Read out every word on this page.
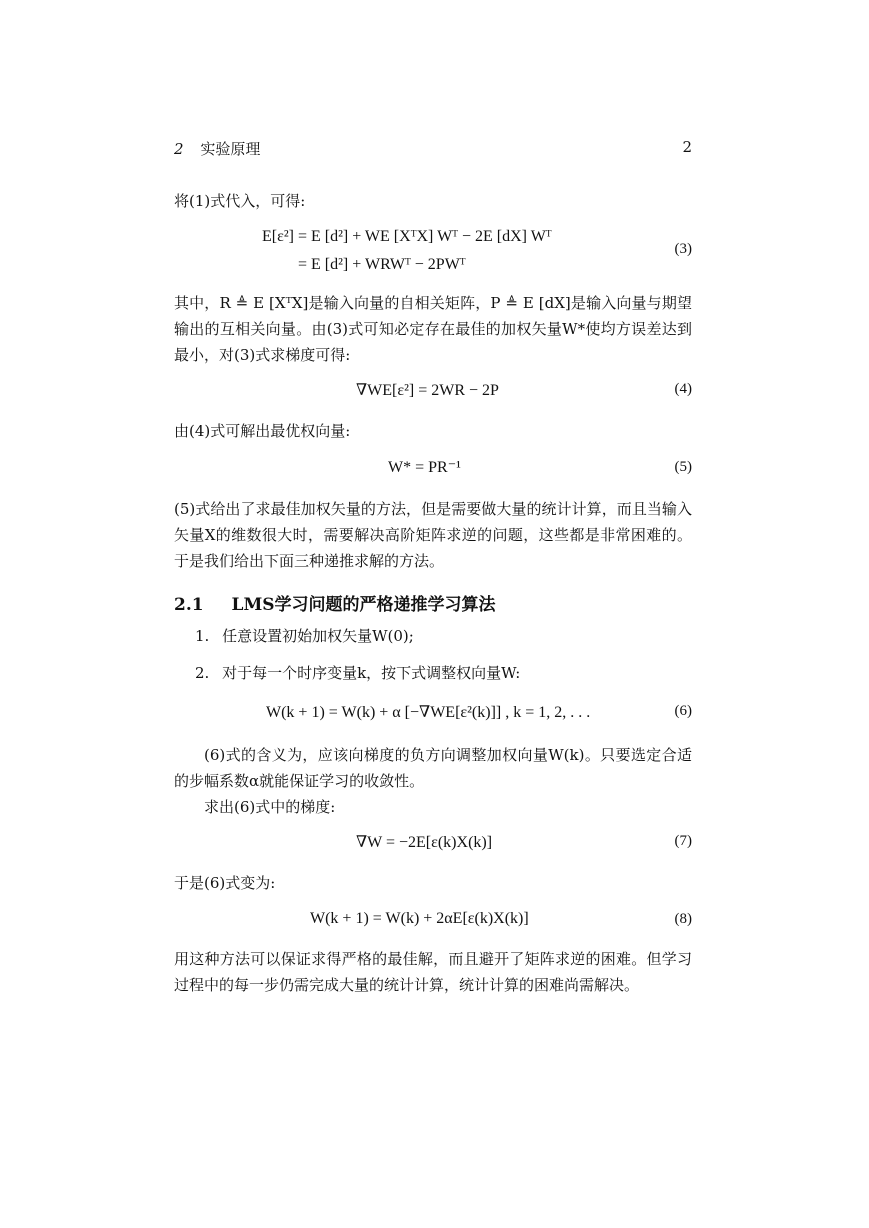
2 实验原理	2
将(1)式代入，可得:
E[ε²] = E [d²] + WE [XᵀX] Wᵀ − 2E [dX] Wᵀ
= E [d²] + WRWᵀ − 2PWᵀ
(3)
其中，R ≜ E [XᵀX]是输入向量的自相关矩阵，P ≜ E [dX]是输入向量与期望输出的互相关向量。由(3)式可知必定存在最佳的加权矢量W*使均方误差达到最小，对(3)式求梯度可得:
∇WE[ε²] = 2WR − 2P	(4)
由(4)式可解出最优权向量:
W* = PR⁻¹	(5)
(5)式给出了求最佳加权矢量的方法，但是需要做大量的统计计算，而且当输入矢量X的维数很大时，需要解决高阶矩阵求逆的问题，这些都是非常困难的。于是我们给出下面三种递推求解的方法。
2.1 LMS学习问题的严格递推学习算法
1. 任意设置初始加权矢量W(0);
2. 对于每一个时序变量k，按下式调整权向量W:
W(k + 1) = W(k) + α [−∇WE[ε²(k)]] , k = 1, 2, . . .	(6)
(6)式的含义为，应该向梯度的负方向调整加权向量W(k)。只要选定合适的步幅系数α就能保证学习的收敛性。
求出(6)式中的梯度:
∇W = −2E[ε(k)X(k)]	(7)
于是(6)式变为:
W(k + 1) = W(k) + 2αE[ε(k)X(k)]	(8)
用这种方法可以保证求得严格的最佳解，而且避开了矩阵求逆的困难。但学习过程中的每一步仍需完成大量的统计计算，统计计算的困难尚需解决。
